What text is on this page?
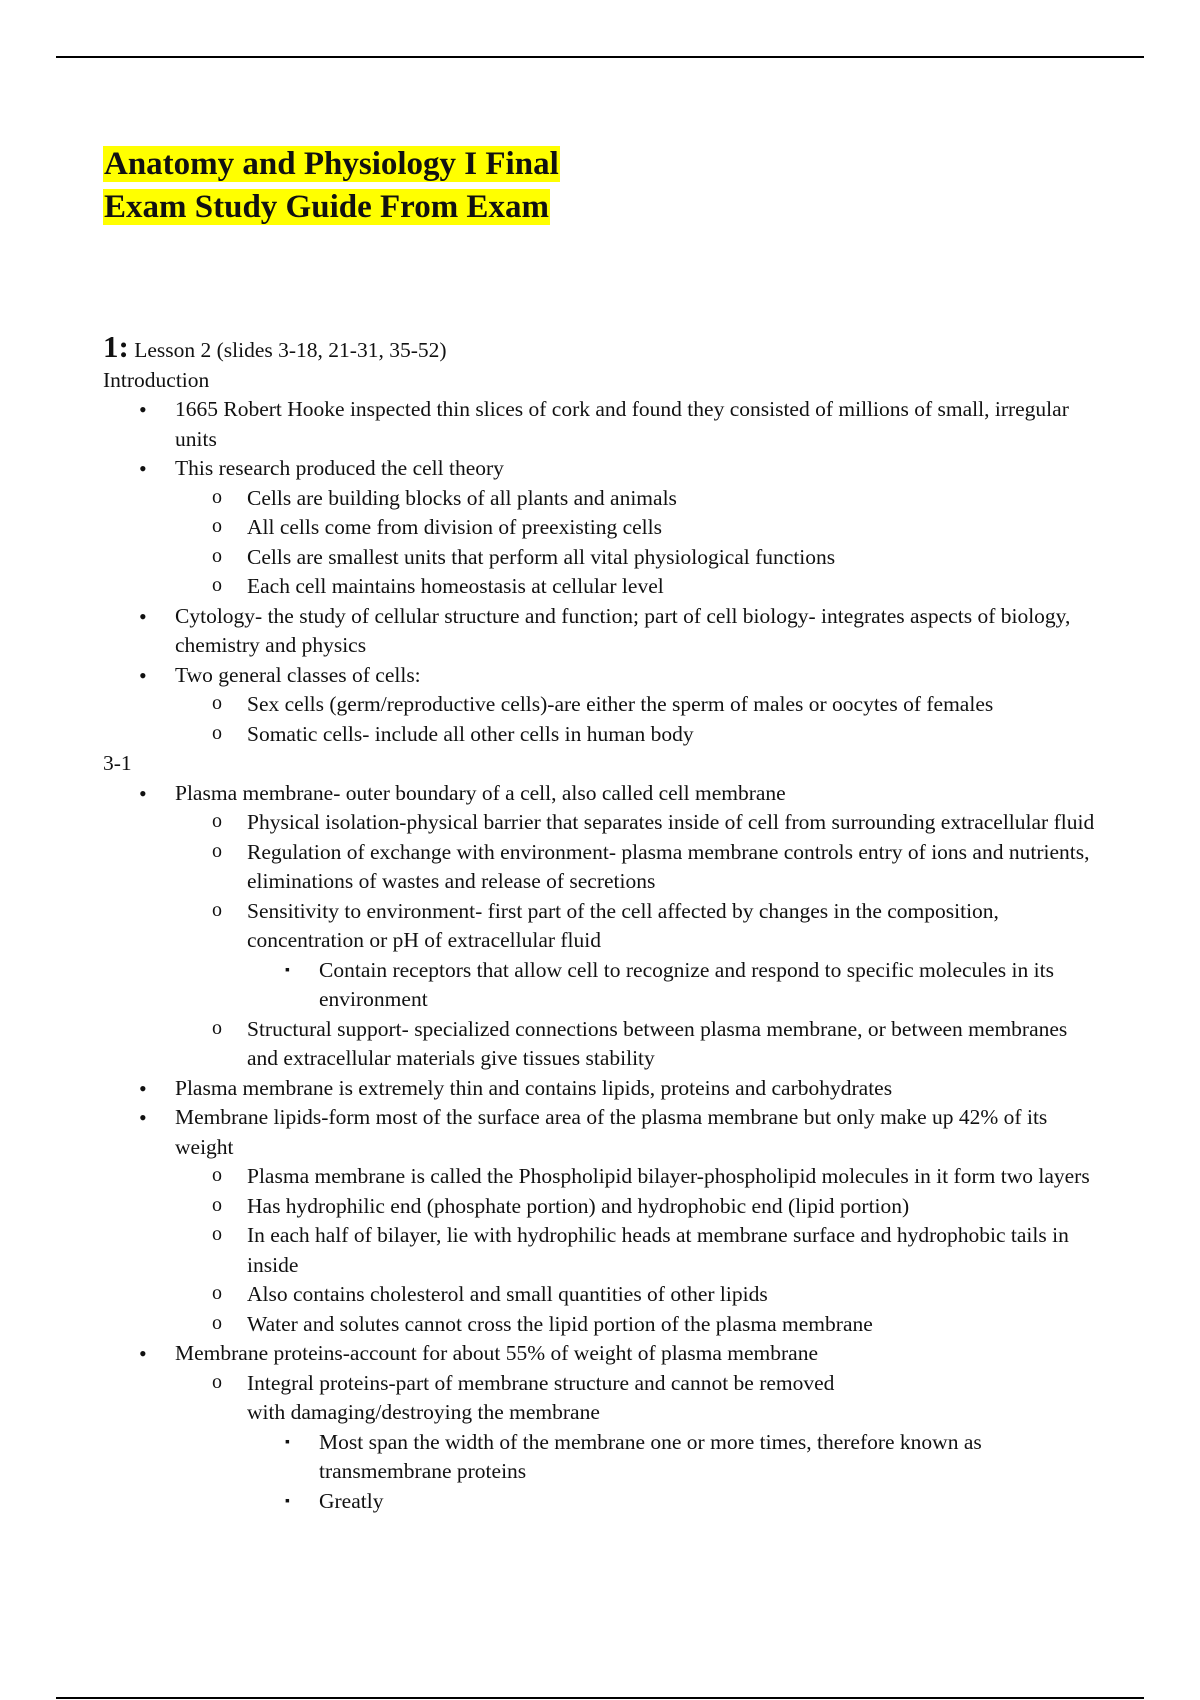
Anatomy and Physiology I Final
Exam Study Guide From Exam

1: Lesson 2 (slides 3-18, 21-31, 35-52)

Introduction

• 1665 Robert Hooke inspected thin slices of cork and found they consisted of millions of small, irregular units
• This research produced the cell theory
o Cells are building blocks of all plants and animals
o All cells come from division of preexisting cells
o Cells are smallest units that perform all vital physiological functions
o Each cell maintains homeostasis at cellular level
• Cytology- the study of cellular structure and function; part of cell biology- integrates aspects of biology, chemistry and physics
• Two general classes of cells:
o Sex cells (germ/reproductive cells)-are either the sperm of males or oocytes of females
o Somatic cells- include all other cells in human body

3-1

• Plasma membrane- outer boundary of a cell, also called cell membrane
o Physical isolation-physical barrier that separates inside of cell from surrounding extracellular fluid
o Regulation of exchange with environment- plasma membrane controls entry of ions and nutrients, eliminations of wastes and release of secretions
o Sensitivity to environment- first part of the cell affected by changes in the composition, concentration or pH of extracellular fluid
▪ Contain receptors that allow cell to recognize and respond to specific molecules in its environment
o Structural support- specialized connections between plasma membrane, or between membranes and extracellular materials give tissues stability
• Plasma membrane is extremely thin and contains lipids, proteins and carbohydrates
• Membrane lipids-form most of the surface area of the plasma membrane but only make up 42% of its weight
o Plasma membrane is called the Phospholipid bilayer-phospholipid molecules in it form two layers
o Has hydrophilic end (phosphate portion) and hydrophobic end (lipid portion)
o In each half of bilayer, lie with hydrophilic heads at membrane surface and hydrophobic tails in inside
o Also contains cholesterol and small quantities of other lipids
o Water and solutes cannot cross the lipid portion of the plasma membrane
• Membrane proteins-account for about 55% of weight of plasma membrane
o Integral proteins-part of membrane structure and cannot be removed
with damaging/destroying the membrane
▪ Most span the width of the membrane one or more times, therefore known as transmembrane proteins
▪ Greatly
